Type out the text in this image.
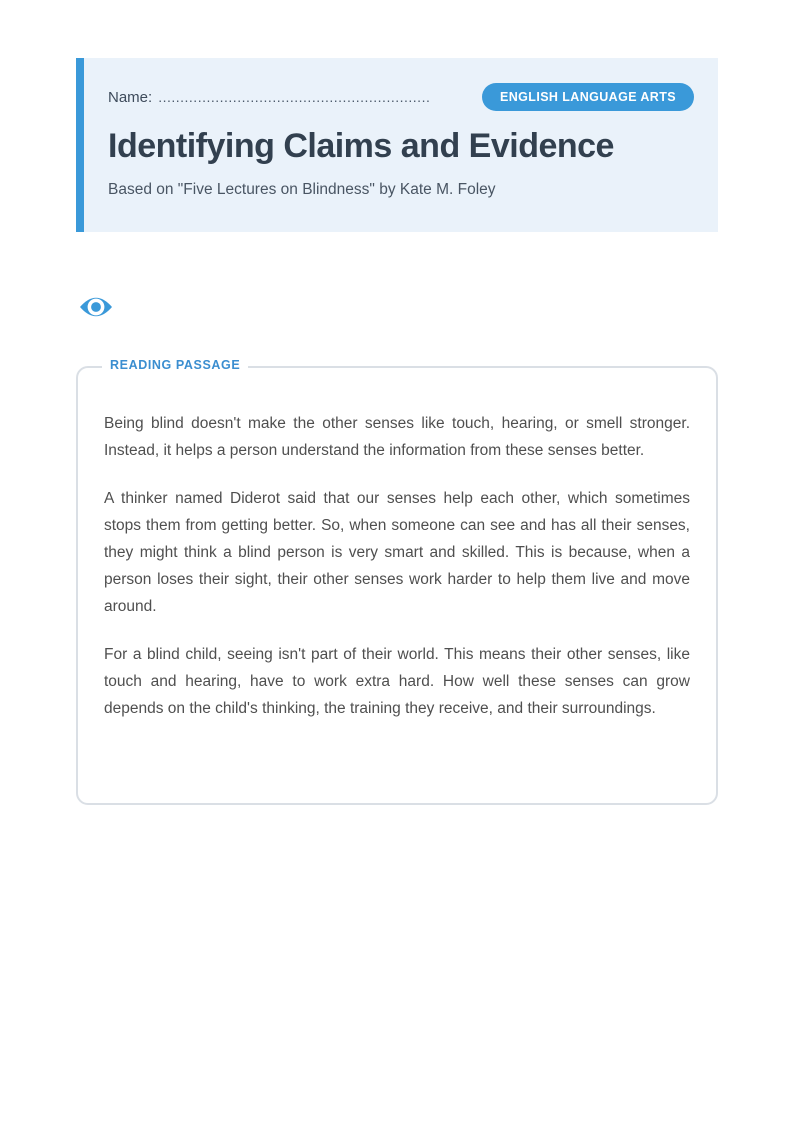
Name: ..............................................................	ENGLISH LANGUAGE ARTS
Identifying Claims and Evidence
Based on "Five Lectures on Blindness" by Kate M. Foley
READING PASSAGE

Being blind doesn't make the other senses like touch, hearing, or smell stronger. Instead, it helps a person understand the information from these senses better.

A thinker named Diderot said that our senses help each other, which sometimes stops them from getting better. So, when someone can see and has all their senses, they might think a blind person is very smart and skilled. This is because, when a person loses their sight, their other senses work harder to help them live and move around.

For a blind child, seeing isn't part of their world. This means their other senses, like touch and hearing, have to work extra hard. How well these senses can grow depends on the child's thinking, the training they receive, and their surroundings.
